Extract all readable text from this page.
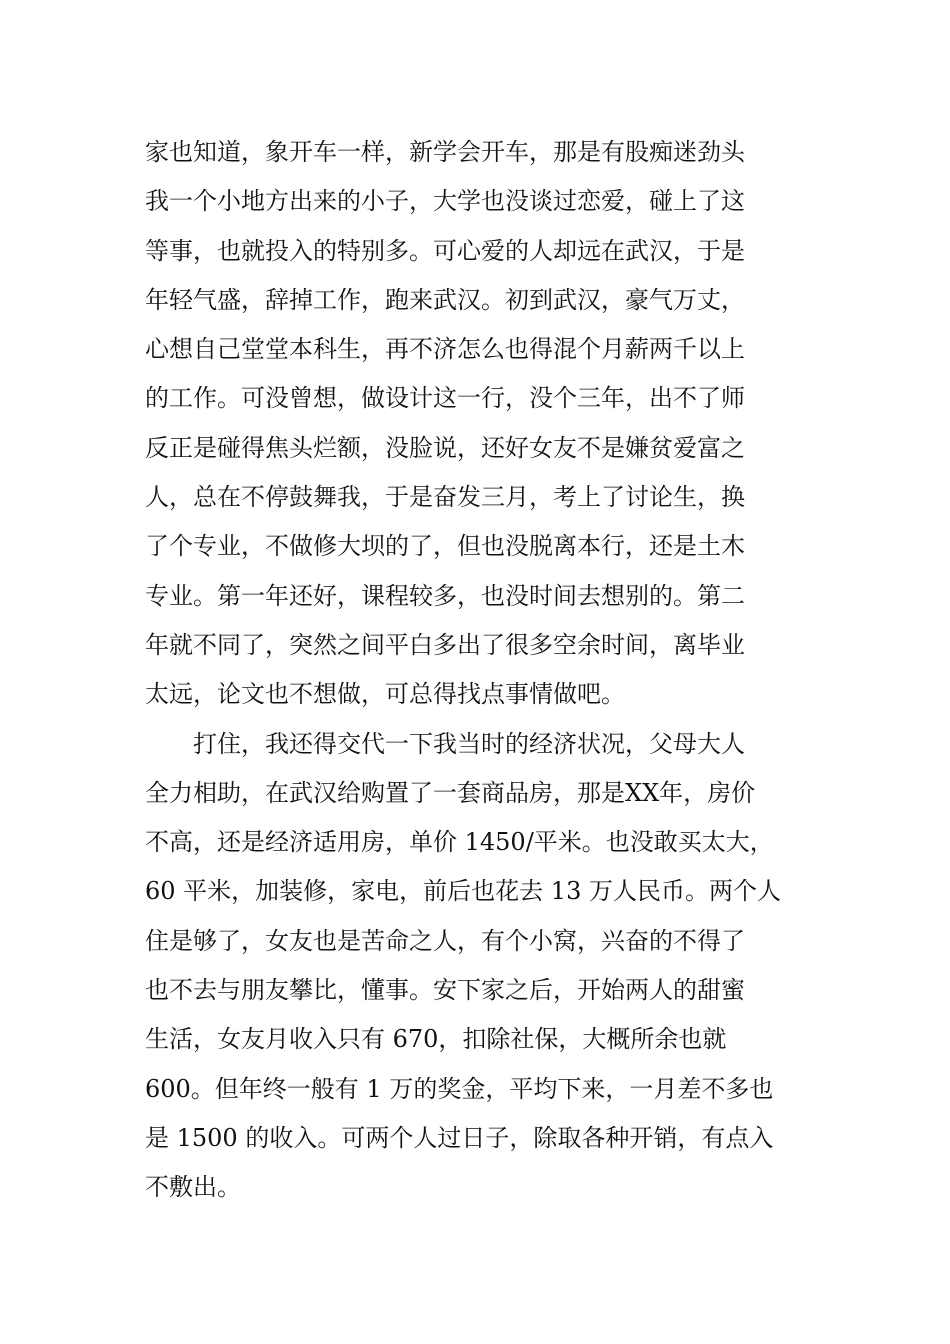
家也知道，象开车一样，新学会开车，那是有股痴迷劲头
我一个小地方出来的小子，大学也没谈过恋爱，碰上了这
等事，也就投入的特别多。可心爱的人却远在武汉，于是
年轻气盛，辞掉工作，跑来武汉。初到武汉，豪气万丈，
心想自己堂堂本科生，再不济怎么也得混个月薪两千以上
的工作。可没曾想，做设计这一行，没个三年，出不了师
反正是碰得焦头烂额，没脸说，还好女友不是嫌贫爱富之
人，总在不停鼓舞我，于是奋发三月，考上了讨论生，换
了个专业，不做修大坝的了，但也没脱离本行，还是土木
专业。第一年还好，课程较多，也没时间去想别的。第二
年就不同了，突然之间平白多出了很多空余时间，离毕业
太远，论文也不想做，可总得找点事情做吧。
打住，我还得交代一下我当时的经济状况，父母大人
全力相助，在武汉给购置了一套商品房，那是XX年，房价
不高，还是经济适用房，单价 1450/平米。也没敢买太大，
60 平米，加装修，家电，前后也花去 13 万人民币。两个人
住是够了，女友也是苦命之人，有个小窝，兴奋的不得了
也不去与朋友攀比，懂事。安下家之后，开始两人的甜蜜
生活，女友月收入只有 670，扣除社保，大概所余也就
600。但年终一般有 1 万的奖金，平均下来，一月差不多也
是 1500 的收入。可两个人过日子，除取各种开销，有点入
不敷出。
